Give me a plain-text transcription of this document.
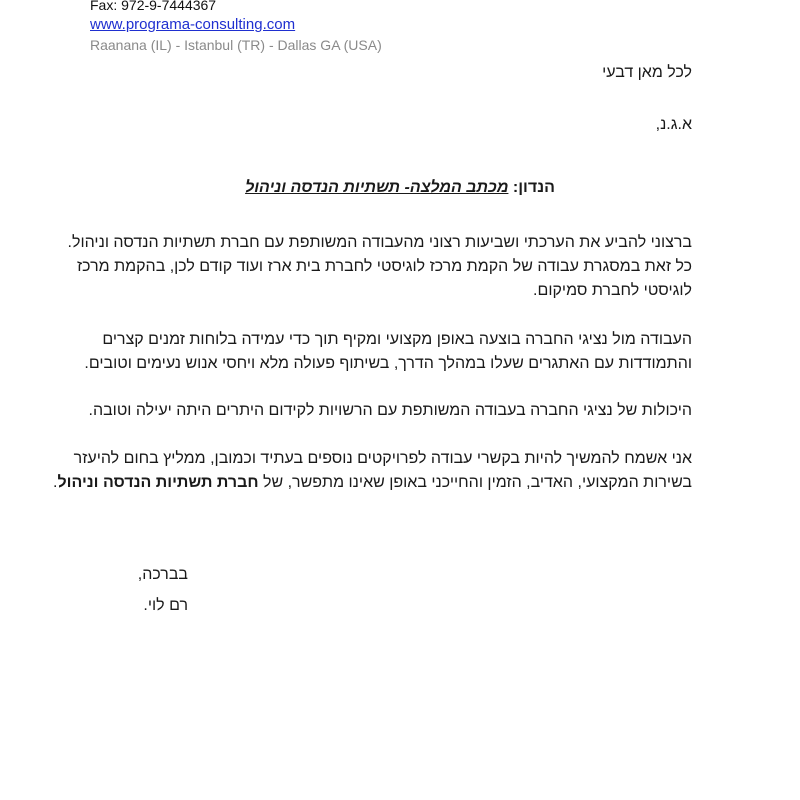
Fax: 972-9-7444367
www.programa-consulting.com
Raanana (IL) - Istanbul (TR) - Dallas GA (USA)
לכל מאן דבעי
א.ג.נ,
הנדון: מכתב המלצה- תשתיות הנדסה וניהול
ברצוני להביע את הערכתי ושביעות רצוני מהעבודה המשותפת עם חברת תשתיות הנדסה וניהול.
כל זאת במסגרת עבודה של הקמת מרכז לוגיסטי לחברת בית ארז ועוד קודם לכן, בהקמת מרכז
לוגיסטי לחברת סמיקום.
העבודה מול נציגי החברה בוצעה באופן מקצועי ומקיף תוך כדי עמידה בלוחות זמנים קצרים
והתמודדות עם האתגרים שעלו במהלך הדרך, בשיתוף פעולה מלא ויחסי אנוש נעימים וטובים.
היכולות של נציגי החברה בעבודה המשותפת עם הרשויות לקידום היתרים היתה יעילה וטובה.
אני אשמח להמשיך להיות בקשרי עבודה לפרויקטים נוספים בעתיד וכמובן, ממליץ בחום להיעזר
בשירות המקצועי, האדיב, הזמין והחייכני באופן שאינו מתפשר, של חברת תשתיות הנדסה וניהול.
בברכה,
רם לוי.
